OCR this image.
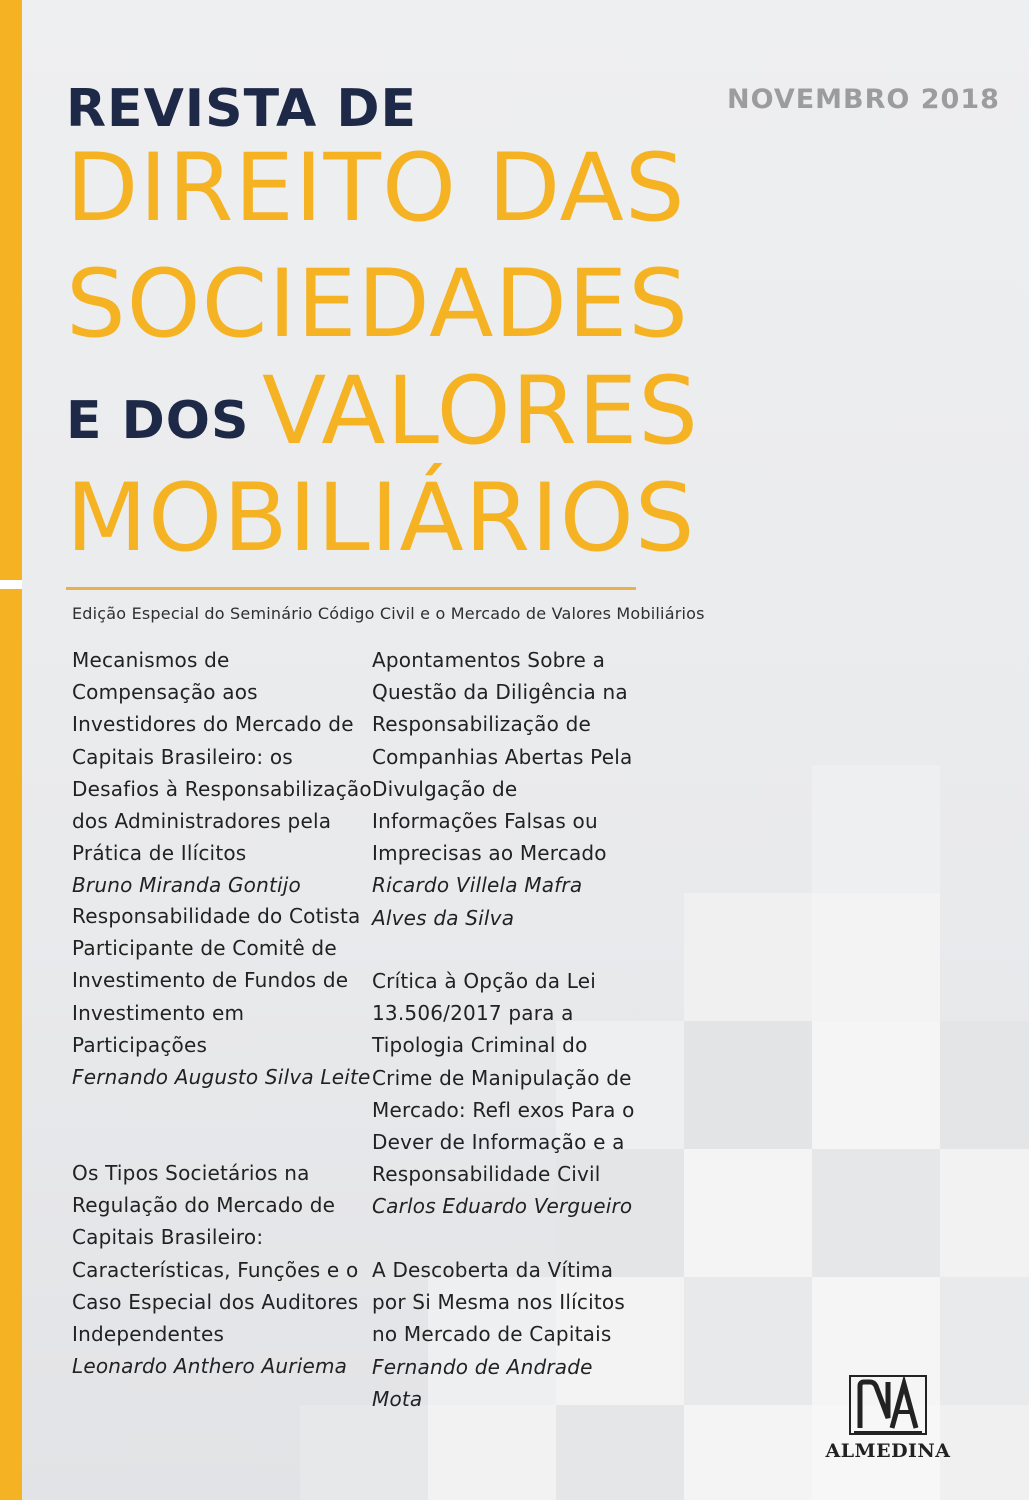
NOVEMBRO 2018
REVISTA DE
DIREITO DAS
SOCIEDADES
E DOS VALORES
MOBILIÁRIOS
Edição Especial do Seminário Código Civil e o Mercado de Valores Mobiliários
Mecanismos de Compensação aos Investidores do Mercado de Capitais Brasileiro: os Desafios à Responsabilização dos Administradores pela Prática de Ilícitos
Bruno Miranda Gontijo
Responsabilidade do Cotista Participante de Comitê de Investimento de Fundos de Investimento em Participações
Fernando Augusto Silva Leite
Os Tipos Societários na Regulação do Mercado de Capitais Brasileiro: Características, Funções e o Caso Especial dos Auditores Independentes
Leonardo Anthero Auriema
Apontamentos Sobre a Questão da Diligência na Responsabilização de Companhias Abertas Pela Divulgação de Informações Falsas ou Imprecisas ao Mercado
Ricardo Villela Mafra Alves da Silva
Crítica à Opção da Lei 13.506/2017 para a Tipologia Criminal do Crime de Manipulação de Mercado: Refl exos Para o Dever de Informação e a Responsabilidade Civil
Carlos Eduardo Vergueiro
A Descoberta da Vítima por Si Mesma nos Ilícitos no Mercado de Capitais
Fernando de Andrade Mota
ALMEDINA
